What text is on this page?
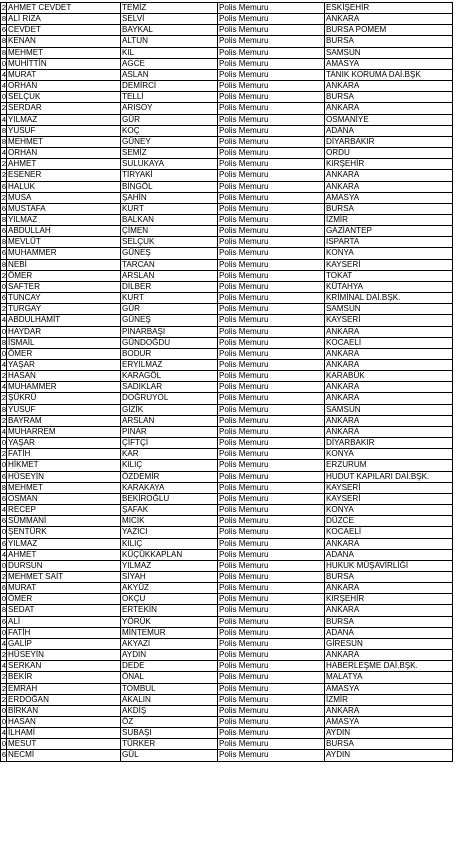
2	AHMET CEVDET	TEMİZ	Polis Memuru	ESKİŞEHİR
8	ALİ RIZA	SELVİ	Polis Memuru	ANKARA
6	CEVDET	BAYKAL	Polis Memuru	BURSA POMEM
8	KENAN	ALTUN	Polis Memuru	BURSA
8	MEHMET	KIL	Polis Memuru	SAMSUN
0	MUHİTTİN	AGCE	Polis Memuru	AMASYA
4	MURAT	ASLAN	Polis Memuru	TANIK KORUMA DAİ.BŞK
4	ORHAN	DEMİRCİ	Polis Memuru	ANKARA
0	SELÇUK	TELLİ	Polis Memuru	BURSA
2	SERDAR	ARISOY	Polis Memuru	ANKARA
4	YILMAZ	GÜR	Polis Memuru	OSMANİYE
8	YUSUF	KOÇ	Polis Memuru	ADANA
8	MEHMET	GÜNEY	Polis Memuru	DİYARBAKIR
4	ORHAN	SEMİZ	Polis Memuru	ORDU
2	AHMET	SULUKAYA	Polis Memuru	KIRŞEHİR
2	ESENER	TİRYAKİ	Polis Memuru	ANKARA
6	HALUK	BİNGÖL	Polis Memuru	ANKARA
2	MUSA	ŞAHİN	Polis Memuru	AMASYA
6	MUSTAFA	KURT	Polis Memuru	BURSA
8	YILMAZ	BALKAN	Polis Memuru	İZMİR
6	ABDULLAH	ÇİMEN	Polis Memuru	GAZİANTEP
8	MEVLÜT	SELÇUK	Polis Memuru	ISPARTA
6	MUHAMMER	GÜNEŞ	Polis Memuru	KONYA
8	NEBİ	TARCAN	Polis Memuru	KAYSERİ
2	ÖMER	ARSLAN	Polis Memuru	TOKAT
0	SAFTER	DİLBER	Polis Memuru	KÜTAHYA
6	TUNCAY	KURT	Polis Memuru	KRİMİNAL DAİ.BŞK.
2	TURGAY	GÜR	Polis Memuru	SAMSUN
4	ABDULHAMİT	GÜNEŞ	Polis Memuru	KAYSERİ
0	HAYDAR	PINARBAŞI	Polis Memuru	ANKARA
8	İSMAİL	GÜNDOĞDU	Polis Memuru	KOCAELİ
0	ÖMER	BODUR	Polis Memuru	ANKARA
4	YAŞAR	ERYILMAZ	Polis Memuru	ANKARA
2	HASAN	KARAGÖL	Polis Memuru	KARABÜK
4	MUHAMMER	SADIKLAR	Polis Memuru	ANKARA
2	ŞÜKRÜ	DOĞRUYOL	Polis Memuru	ANKARA
8	YUSUF	GİZİK	Polis Memuru	SAMSUN
2	BAYRAM	ARSLAN	Polis Memuru	ANKARA
4	MUHARREM	PINAR	Polis Memuru	ANKARA
0	YAŞAR	ÇİFTÇİ	Polis Memuru	DİYARBAKIR
2	FATİH	KAR	Polis Memuru	KONYA
0	HİKMET	KILIÇ	Polis Memuru	ERZURUM
6	HÜSEYİN	ÖZDEMİR	Polis Memuru	HUDUT KAPILARI DAİ.BŞK.
8	MEHMET	KARAKAYA	Polis Memuru	KAYSERİ
6	OSMAN	BEKİROĞLU	Polis Memuru	KAYSERİ
4	RECEP	ŞAFAK	Polis Memuru	KONYA
6	SÜMMANİ	MICIK	Polis Memuru	DÜZCE
0	ŞENTÜRK	YAZICI	Polis Memuru	KOCAELİ
6	YILMAZ	KILIÇ	Polis Memuru	ANKARA
4	AHMET	KÜÇÜKKAPLAN	Polis Memuru	ADANA
0	DURSUN	YILMAZ	Polis Memuru	HUKUK MÜŞAVİRLİĞİ
2	MEHMET SAİT	SİYAH	Polis Memuru	BURSA
6	MURAT	AKYÜZ	Polis Memuru	ANKARA
0	ÖMER	OKÇU	Polis Memuru	KIRŞEHİR
8	SEDAT	ERTEKİN	Polis Memuru	ANKARA
6	ALİ	YÖRÜK	Polis Memuru	BURSA
0	FATİH	MİNTEMUR	Polis Memuru	ADANA
4	GALİP	AKYAZI	Polis Memuru	GİRESUN
2	HÜSEYİN	AYDIN	Polis Memuru	ANKARA
4	SERKAN	DEDE	Polis Memuru	HABERLEŞME DAİ.BŞK.
2	BEKİR	ÖNAL	Polis Memuru	MALATYA
2	EMRAH	TOMBUL	Polis Memuru	AMASYA
2	ERDOĞAN	AKALIN	Polis Memuru	İZMİR
0	BİRKAN	AKDİŞ	Polis Memuru	ANKARA
0	HASAN	ÖZ	Polis Memuru	AMASYA
4	İLHAMİ	SUBAŞI	Polis Memuru	AYDIN
0	MESUT	TÜRKER	Polis Memuru	BURSA
6	NECMİ	GÜL	Polis Memuru	AYDIN
